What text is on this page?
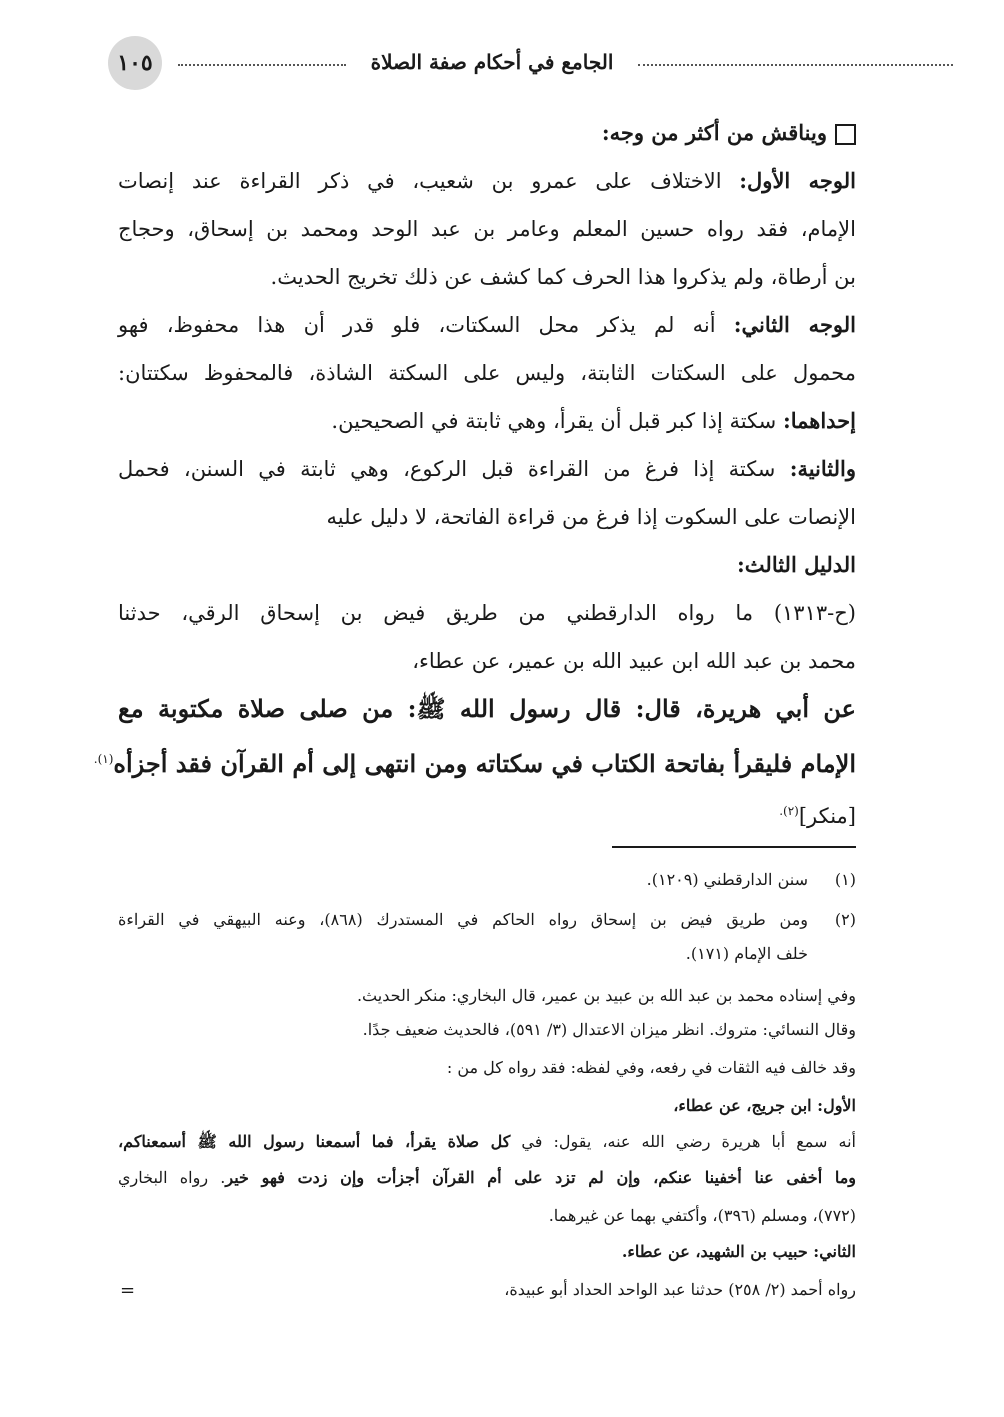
١٠٥	الجامع في أحكام صفة الصلاة
ويناقش من أكثر من وجه:
الوجه الأول: الاختلاف على عمرو بن شعيب، في ذكر القراءة عند إنصات
الإمام، فقد رواه حسين المعلم وعامر بن عبد الوحد ومحمد بن إسحاق، وحجاج
بن أرطاة، ولم يذكروا هذا الحرف كما كشف عن ذلك تخريج الحديث.
الوجه الثاني: أنه لم يذكر محل السكتات، فلو قدر أن هذا محفوظ، فهو
محمول على السكتات الثابتة، وليس على السكتة الشاذة، فالمحفوظ سكتتان:
إحداهما: سكتة إذا كبر قبل أن يقرأ، وهي ثابتة في الصحيحين.
والثانية: سكتة إذا فرغ من القراءة قبل الركوع، وهي ثابتة في السنن، فحمل
الإنصات على السكوت إذا فرغ من قراءة الفاتحة، لا دليل عليه
الدليل الثالث:
(ح-١٣١٣) ما رواه الدارقطني من طريق فيض بن إسحاق الرقي، حدثنا
محمد بن عبد الله ابن عبيد الله بن عمير، عن عطاء،
عن أبي هريرة، قال: قال رسول الله ﷺ: من صلى صلاة مكتوبة مع
الإمام فليقرأ بفاتحة الكتاب في سكتاته ومن انتهى إلى أم القرآن فقد أجزأه$^{(١).}$
[منكر]$^{(٢).}$
(١)
سنن الدارقطني (١٢٠٩).
(٢)
ومن طريق فيض بن إسحاق رواه الحاكم في المستدرك (٨٦٨)، وعنه البيهقي في القراءة
خلف الإمام (١٧١).
وفي إسناده محمد بن عبد الله بن عبيد بن عمير، قال البخاري: منكر الحديث.
وقال النسائي: متروك. انظر ميزان الاعتدال (٣/ ٥٩١)، فالحديث ضعيف جدًا.
وقد خالف فيه الثقات في رفعه، وفي لفظه: فقد رواه كل من :
الأول: ابن جريج، عن عطاء،
أنه سمع أبا هريرة رضي الله عنه، يقول: في كل صلاة يقرأ، فما أسمعنا رسول الله ﷺ أسمعناكم،
وما أخفى عنا أخفينا عنكم، وإن لم تزد على أم القرآن أجزأت وإن زدت فهو خير. رواه البخاري
(٧٧٢)، ومسلم (٣٩٦)، وأكتفي بهما عن غيرهما.
الثاني: حبيب بن الشهيد، عن عطاء.
رواه أحمد (٢/ ٢٥٨) حدثنا عبد الواحد الحداد أبو عبيدة،
=
